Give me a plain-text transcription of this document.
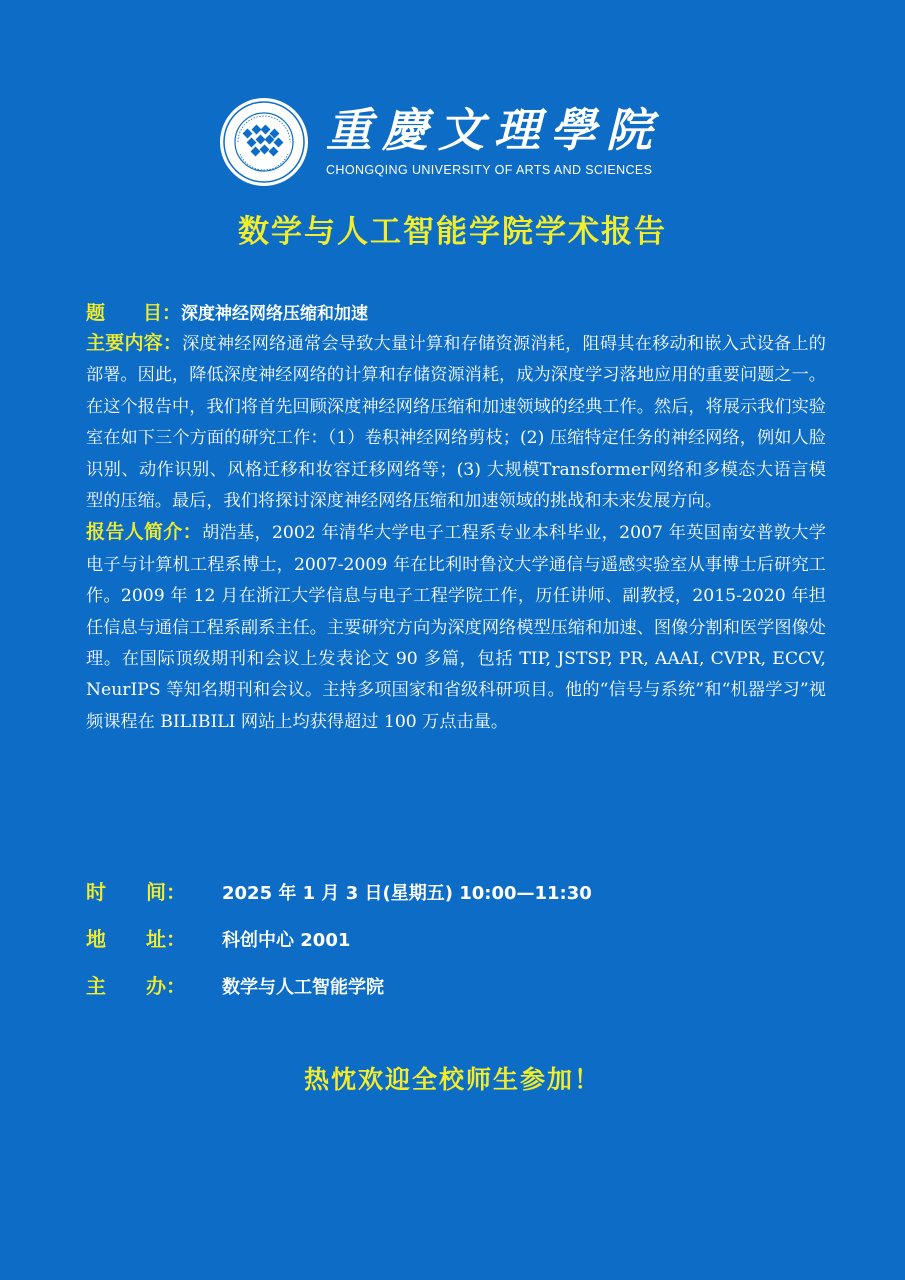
重慶文理學院
CHONGQING UNIVERSITY OF ARTS AND SCIENCES
数学与人工智能学院学术报告
题　　目：深度神经网络压缩和加速

主要内容：深度神经网络通常会导致大量计算和存储资源消耗，阻碍其在移动和嵌入式设备上的部署。因此，降低深度神经网络的计算和存储资源消耗，成为深度学习落地应用的重要问题之一。在这个报告中，我们将首先回顾深度神经网络压缩和加速领域的经典工作。然后，将展示我们实验室在如下三个方面的研究工作：（1）卷积神经网络剪枝；(2) 压缩特定任务的神经网络，例如人脸识别、动作识别、风格迁移和妆容迁移网络等；(3) 大规模Transformer网络和多模态大语言模型的压缩。最后，我们将探讨深度神经网络压缩和加速领域的挑战和未来发展方向。

报告人简介：胡浩基，2002 年清华大学电子工程系专业本科毕业，2007 年英国南安普敦大学电子与计算机工程系博士，2007-2009 年在比利时鲁汶大学通信与遥感实验室从事博士后研究工作。2009 年 12 月在浙江大学信息与电子工程学院工作，历任讲师、副教授，2015-2020 年担任信息与通信工程系副系主任。主要研究方向为深度网络模型压缩和加速、图像分割和医学图像处理。在国际顶级期刊和会议上发表论文 90 多篇，包括 TIP, JSTSP, PR, AAAI, CVPR, ECCV, NeurIPS 等知名期刊和会议。主持多项国家和省级科研项目。他的“信号与系统”和“机器学习”视频课程在 BILIBILI 网站上均获得超过 100 万点击量。

时　　间： 2025 年 1 月 3 日(星期五) 10:00—11:30
地　　址： 科创中心 2001
主　　办： 数学与人工智能学院
热忱欢迎全校师生参加！
